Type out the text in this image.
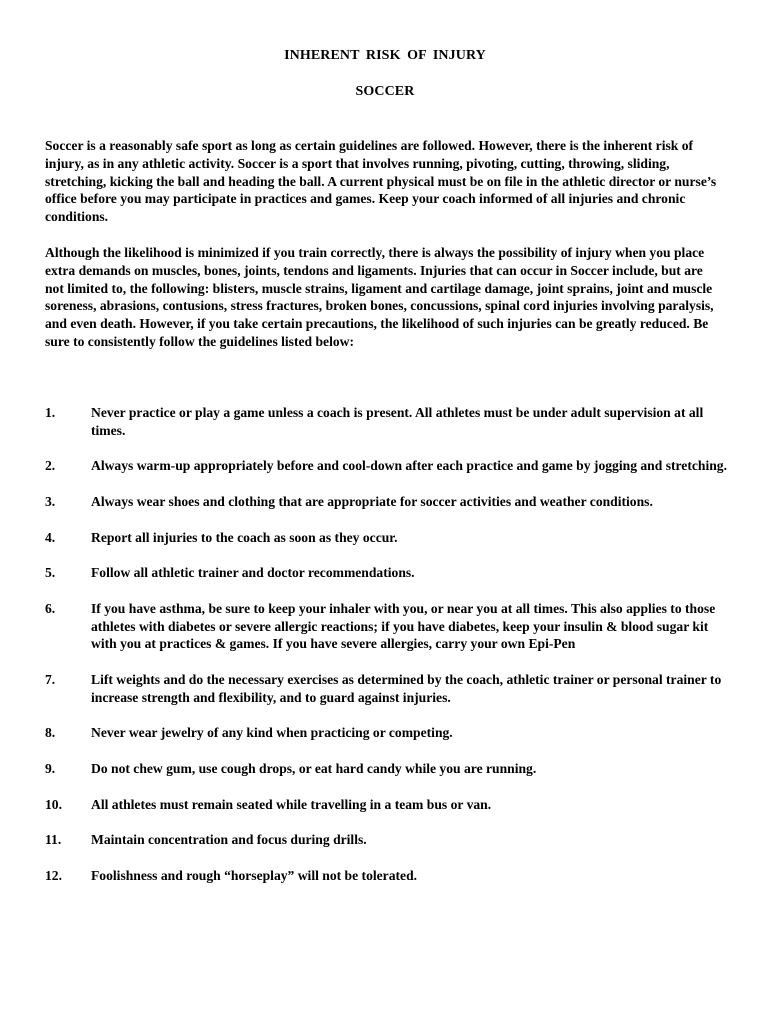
INHERENT RISK OF INJURY
SOCCER

Soccer is a reasonably safe sport as long as certain guidelines are followed. However, there is the inherent risk of injury, as in any athletic activity. Soccer is a sport that involves running, pivoting, cutting, throwing, sliding, stretching, kicking the ball and heading the ball. A current physical must be on file in the athletic director or nurse’s office before you may participate in practices and games. Keep your coach informed of all injuries and chronic conditions.

Although the likelihood is minimized if you train correctly, there is always the possibility of injury when you place extra demands on muscles, bones, joints, tendons and ligaments. Injuries that can occur in Soccer include, but are not limited to, the following: blisters, muscle strains, ligament and cartilage damage, joint sprains, joint and muscle soreness, abrasions, contusions, stress fractures, broken bones, concussions, spinal cord injuries involving paralysis, and even death. However, if you take certain precautions, the likelihood of such injuries can be greatly reduced. Be sure to consistently follow the guidelines listed below:

1.	Never practice or play a game unless a coach is present. All athletes must be under adult supervision at all times.
2.	Always warm-up appropriately before and cool-down after each practice and game by jogging and stretching.
3.	Always wear shoes and clothing that are appropriate for soccer activities and weather conditions.
4.	Report all injuries to the coach as soon as they occur.
5.	Follow all athletic trainer and doctor recommendations.
6.	If you have asthma, be sure to keep your inhaler with you, or near you at all times. This also applies to those athletes with diabetes or severe allergic reactions; if you have diabetes, keep your insulin & blood sugar kit with you at practices & games. If you have severe allergies, carry your own Epi-Pen
7.	Lift weights and do the necessary exercises as determined by the coach, athletic trainer or personal trainer to increase strength and flexibility, and to guard against injuries.
8.	Never wear jewelry of any kind when practicing or competing.
9.	Do not chew gum, use cough drops, or eat hard candy while you are running.
10.	All athletes must remain seated while travelling in a team bus or van.
11.	Maintain concentration and focus during drills.
12.	Foolishness and rough “horseplay” will not be tolerated.
